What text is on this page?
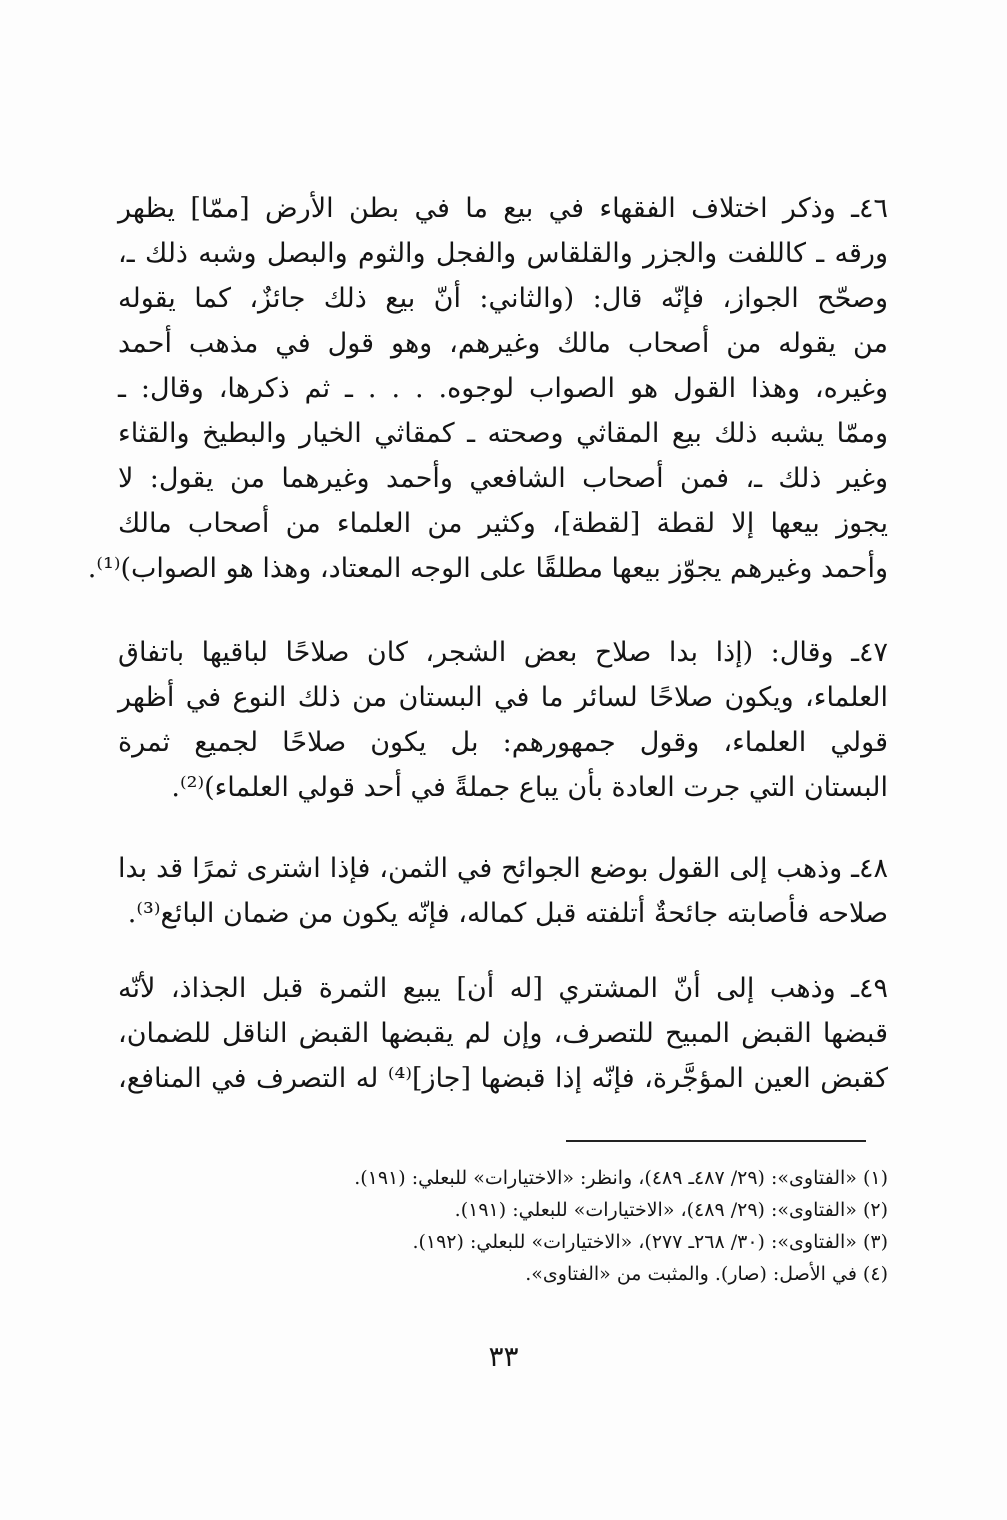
٤٦ـ وذكر اختلاف الفقهاء في بيع ما في بطن الأرض [ممّا] يظهر
ورقه ـ كاللفت والجزر والقلقاس والفجل والثوم والبصل وشبه ذلك ـ،
وصحّح الجواز، فإنّه قال: (والثاني: أنّ بيع ذلك جائزٌ، كما يقوله
من يقوله من أصحاب مالك وغيرهم، وهو قول في مذهب أحمد
وغيره، وهذا القول هو الصواب لوجوه. . . . ـ ثم ذكرها، وقال: ـ
وممّا يشبه ذلك بيع المقاثي وصحته ـ كمقاثي الخيار والبطيخ والقثاء
وغير ذلك ـ، فمن أصحاب الشافعي وأحمد وغيرهما من يقول: لا
يجوز بيعها إلا لقطة [لقطة]، وكثير من العلماء من أصحاب مالك
وأحمد وغيرهم يجوّز بيعها مطلقًا على الوجه المعتاد، وهذا هو الصواب)⁽¹⁾.
٤٧ـ وقال: (إذا بدا صلاح بعض الشجر، كان صلاحًا لباقيها باتفاق
العلماء، ويكون صلاحًا لسائر ما في البستان من ذلك النوع في أظهر
قولي العلماء، وقول جمهورهم: بل يكون صلاحًا لجميع ثمرة
البستان التي جرت العادة بأن يباع جملةً في أحد قولي العلماء)⁽²⁾.
٤٨ـ وذهب إلى القول بوضع الجوائح في الثمن، فإذا اشترى ثمرًا قد بدا
صلاحه فأصابته جائحةٌ أتلفته قبل كماله، فإنّه يكون من ضمان البائع⁽³⁾.
٤٩ـ وذهب إلى أنّ المشتري [له أن] يبيع الثمرة قبل الجذاذ، لأنّه
قبضها القبض المبيح للتصرف، وإن لم يقبضها القبض الناقل للضمان،
كقبض العين المؤجَّرة، فإنّه إذا قبضها [جاز]⁽⁴⁾ له التصرف في المنافع،
(١) «الفتاوى»: (٢٩/ ٤٨٧ـ ٤٨٩)، وانظر: «الاختيارات» للبعلي: (١٩١).
(٢) «الفتاوى»: (٢٩/ ٤٨٩)، «الاختيارات» للبعلي: (١٩١).
(٣) «الفتاوى»: (٣٠/ ٢٦٨ـ ٢٧٧)، «الاختيارات» للبعلي: (١٩٢).
(٤) في الأصل: (صار). والمثبت من «الفتاوى».
٣٣
